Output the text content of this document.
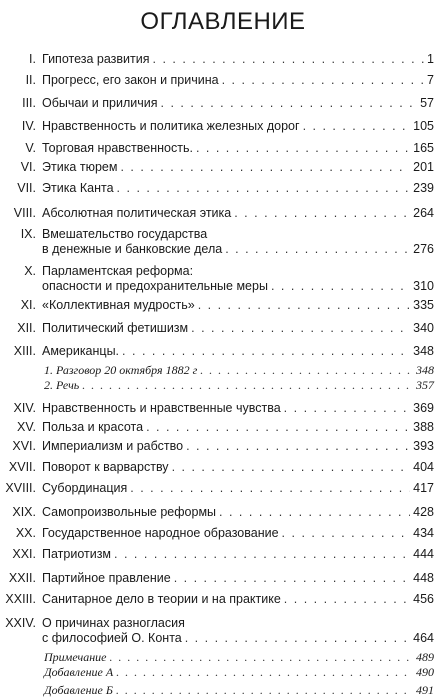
ОГЛАВЛЕНИЕ
I. Гипотеза развития . . .	1
II. Прогресс, его закон и причина . . .	7
III. Обычаи и приличия . . .	57
IV. Нравственность и политика железных дорог . . .	105
V. Торговая нравственность. . . .	165
VI. Этика тюрем . . .	201
VII. Этика Канта . . .	239
VIII. Абсолютная политическая этика . . .	264
IX. Вмешательство государства
в денежные и банковские дела . . .	276
X. Парламентская реформа:
опасности и предохранительные меры . . .	310
XI. «Коллективная мудрость» . . .	335
XII. Политический фетишизм . . .	340
XIII. Американцы. . . .	348
1. Разговор 20 октября 1882 г . . .	348
2. Речь . . .	357
XIV. Нравственность и нравственные чувства . . .	369
XV. Польза и красота . . .	388
XVI. Империализм и рабство . . .	393
XVII. Поворот к варварству . . .	404
XVIII. Субординация . . .	417
XIX. Самопроизвольные реформы . . .	428
XX. Государственное народное образование . . .	434
XXI. Патриотизм . . .	444
XXII. Партийное правление . . .	448
XXIII. Санитарное дело в теории и на практике . . .	456
XXIV. О причинах разногласия
с философией О. Конта . . .	464
Примечание . . .	489
Добавление А . . .	490
Добавление Б . . .	491
